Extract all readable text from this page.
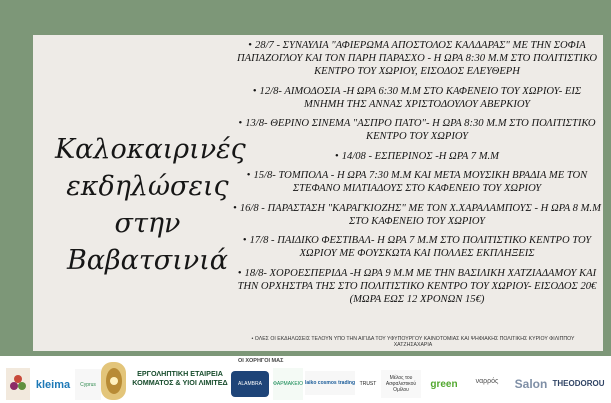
Καλοκαιρινές εκδηλώσεις στην Βαβατσινιά
• 28/7 - ΣΥΝΑΥΛΙΑ "ΑΦΙΕΡΩΜΑ ΑΠΟΣΤΟΛΟΣ ΚΑΛΔΑΡΑΣ" ΜΕ ΤΗΝ ΣΟΦΙΑ ΠΑΠΑΖΟΓΛΟΥ ΚΑΙ ΤΟΝ ΠΑΡΗ ΠΑΡΑΣΧΟ - Η ΩΡΑ 8:30 Μ.Μ ΣΤΟ ΠΟΛΙΤΙΣΤΙΚΟ ΚΕΝΤΡΟ ΤΟΥ ΧΩΡΙΟΥ, ΕΙΣΟΔΟΣ ΕΛΕΥΘΕΡΗ
• 12/8- ΑΙΜΟΔΟΣΙΑ -Η ΩΡΑ 6:30 Μ.Μ ΣΤΟ ΚΑΦΕΝΕΙΟ ΤΟΥ ΧΩΡΙΟΥ- ΕΙΣ ΜΝΗΜΗ ΤΗΣ ΑΝΝΑΣ ΧΡΙΣΤΟΔΟΥΛΟΥ ΑΒΕΡΚΙΟΥ
• 13/8- ΘΕΡΙΝΟ ΣΙΝΕΜΑ "ΑΣΠΡΟ ΠΑΤΟ"- Η ΩΡΑ 8:30 Μ.Μ ΣΤΟ ΠΟΛΙΤΙΣΤΙΚΟ ΚΕΝΤΡΟ ΤΟΥ ΧΩΡΙΟΥ
• 14/08 - ΕΣΠΕΡΙΝΟΣ -Η ΩΡΑ 7 Μ.Μ
• 15/8- ΤΟΜΠΟΛΑ - Η ΩΡΑ 7:30 Μ.Μ ΚΑΙ ΜΕΤΑ ΜΟΥΣΙΚΗ ΒΡΑΔΙΑ ΜΕ ΤΟΝ ΣΤΕΦΑΝΟ ΜΙΛΤΙΑΔΟΥΣ ΣΤΟ ΚΑΦΕΝΕΙΟ ΤΟΥ ΧΩΡΙΟΥ
• 16/8 - ΠΑΡΑΣΤΑΣΗ "ΚΑΡΑΓΚΙΟΖΗΣ" ΜΕ ΤΟΝ Χ.ΧΑΡΑΛΑΜΠΟΥΣ - Η ΩΡΑ 8 Μ.Μ ΣΤΟ ΚΑΦΕΝΕΙΟ ΤΟΥ ΧΩΡΙΟΥ
• 17/8 - ΠΑΙΔΙΚΟ ΦΕΣΤΙΒΑΛ- Η ΩΡΑ 7 Μ.Μ ΣΤΟ ΠΟΛΙΤΙΣΤΙΚΟ ΚΕΝΤΡΟ ΤΟΥ ΧΩΡΙΟΥ ΜΕ ΦΟΥΣΚΩΤΑ ΚΑΙ ΠΟΛΛΕΣ ΕΚΠΛΗΞΕΙΣ
• 18/8- ΧΟΡΟΕΣΠΕΡΙΔΑ -Η ΩΡΑ 9 Μ.Μ ΜΕ ΤΗΝ ΒΑΣΙΛΙΚΗ ΧΑΤΖΙΑΔΑΜΟΥ ΚΑΙ ΤΗΝ ΟΡΧΗΣΤΡΑ ΤΗΣ ΣΤΟ ΠΟΛΙΤΙΣΤΙΚΟ ΚΕΝΤΡΟ ΤΟΥ ΧΩΡΙΟΥ- ΕΙΣΟΔΟΣ 20€ (ΜΩΡΑ ΕΩΣ 12 ΧΡΟΝΩΝ 15€)
• ΟΛΕΣ ΟΙ ΕΚΔΗΛΩΣΕΙΣ ΤΕΛΟΥΝ ΥΠΟ ΤΗΝ ΑΙΓΙΔΑ ΤΟΥ ΥΦΥΠΟΥΡΓΟΥ ΚΑΙΝΟΤΟΜΙΑΣ ΚΑΙ ΨΗΦΙΑΚΗΣ ΠΟΛΙΤΙΚΗΣ ΚΥΡΙΟΥ ΦΙΛΙΠΠΟΥ ΧΑΤΖΗΣΑΧΑΡΙΑ
ΟΙ ΧΟΡΗΓΟΙ ΜΑΣ
kleima	Cyprus
ΕΡΓΟΛΗΠΤΙΚΗ ΕΤΑΙΡΕΙΑ ΚΟΜΜΑΤΟΣ & ΥΙΟΙ ΛΙΜΙΤΕΔ	ALAMBRA	ΦΑΡΜΑΚΕΙΟ laiko cosmos trading TRUST
Μέλος του Ασφαλιστικού Ομίλου	green	ναρρός	Salon THEODOROU
